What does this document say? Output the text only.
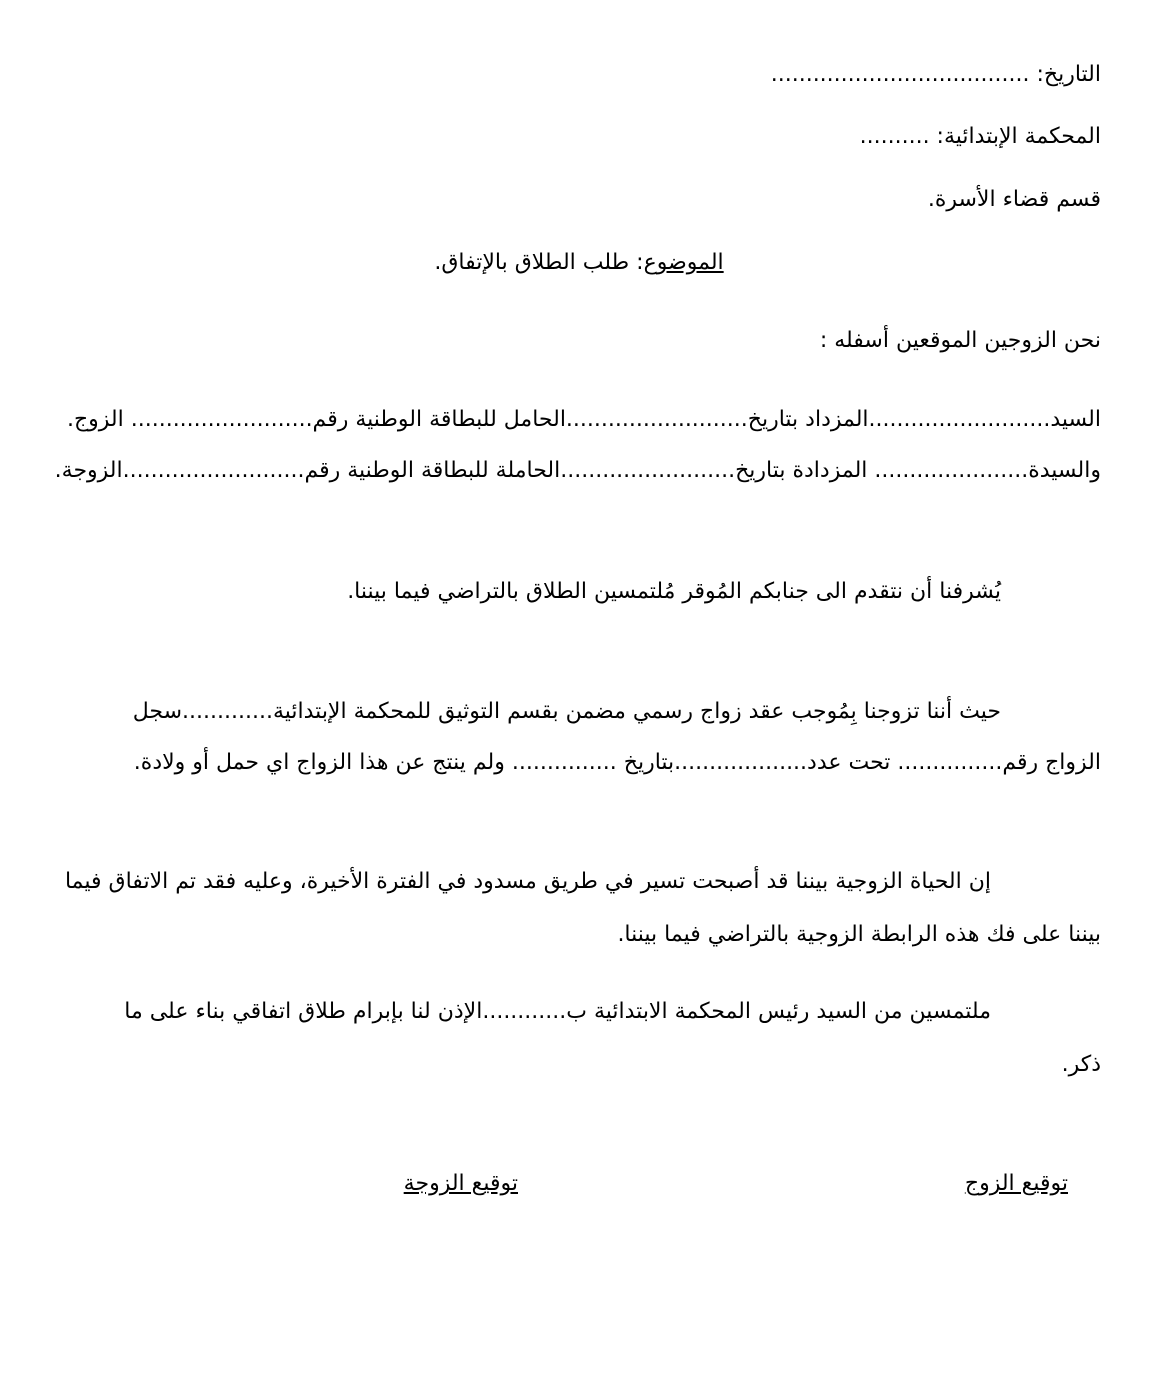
التاريخ: .....................................
المحكمة الإبتدائية: ..........
قسم قضاء الأسرة.
الموضوع: طلب الطلاق بالإتفاق.
نحن الزوجين الموقعين أسفله :
السيد..........................المزداد بتاريخ..........................الحامل للبطاقة الوطنية رقم.......................... الزوج.
والسيدة...................... المزدادة بتاريخ.........................الحاملة للبطاقة الوطنية رقم..........................الزوجة.
يُشرفنا أن نتقدم الى جنابكم المُوقر مُلتمسين الطلاق بالتراضي فيما بيننا.
حيث أننا تزوجنا بِمُوجب عقد زواج رسمي مضمن بقسم التوثيق للمحكمة الإبتدائية.............سجل
الزواج رقم............... تحت عدد...................بتاريخ ............... ولم ينتج عن هذا الزواج اي حمل أو ولادة.
إن الحياة الزوجية بيننا قد أصبحت تسير في طريق مسدود في الفترة الأخيرة، وعليه فقد تم الاتفاق فيما
بيننا على فك هذه الرابطة الزوجية بالتراضي فيما بيننا.
ملتمسين من السيد رئيس المحكمة الابتدائية ب............الإذن لنا بإبرام طلاق اتفاقي بناء على ما
ذكر.
توقيع الزوج
توقيع الزوجة
